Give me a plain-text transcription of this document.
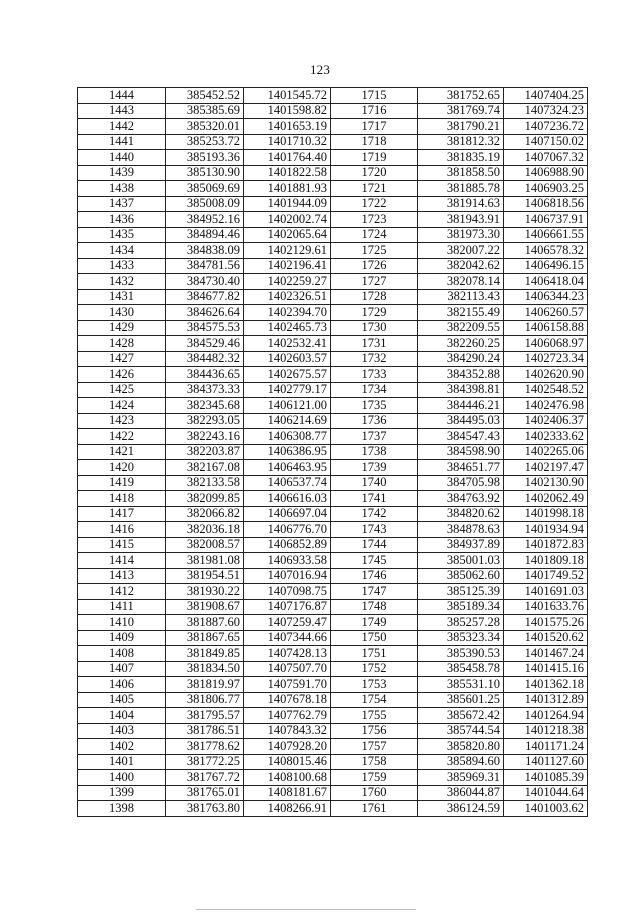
123
1444	385452.52	1401545.72	1715	381752.65	1407404.25
1443	385385.69	1401598.82	1716	381769.74	1407324.23
1442	385320.01	1401653.19	1717	381790.21	1407236.72
1441	385253.72	1401710.32	1718	381812.32	1407150.02
1440	385193.36	1401764.40	1719	381835.19	1407067.32
1439	385130.90	1401822.58	1720	381858.50	1406988.90
1438	385069.69	1401881.93	1721	381885.78	1406903.25
1437	385008.09	1401944.09	1722	381914.63	1406818.56
1436	384952.16	1402002.74	1723	381943.91	1406737.91
1435	384894.46	1402065.64	1724	381973.30	1406661.55
1434	384838.09	1402129.61	1725	382007.22	1406578.32
1433	384781.56	1402196.41	1726	382042.62	1406496.15
1432	384730.40	1402259.27	1727	382078.14	1406418.04
1431	384677.82	1402326.51	1728	382113.43	1406344.23
1430	384626.64	1402394.70	1729	382155.49	1406260.57
1429	384575.53	1402465.73	1730	382209.55	1406158.88
1428	384529.46	1402532.41	1731	382260.25	1406068.97
1427	384482.32	1402603.57	1732	384290.24	1402723.34
1426	384436.65	1402675.57	1733	384352.88	1402620.90
1425	384373.33	1402779.17	1734	384398.81	1402548.52
1424	382345.68	1406121.00	1735	384446.21	1402476.98
1423	382293.05	1406214.69	1736	384495.03	1402406.37
1422	382243.16	1406308.77	1737	384547.43	1402333.62
1421	382203.87	1406386.95	1738	384598.90	1402265.06
1420	382167.08	1406463.95	1739	384651.77	1402197.47
1419	382133.58	1406537.74	1740	384705.98	1402130.90
1418	382099.85	1406616.03	1741	384763.92	1402062.49
1417	382066.82	1406697.04	1742	384820.62	1401998.18
1416	382036.18	1406776.70	1743	384878.63	1401934.94
1415	382008.57	1406852.89	1744	384937.89	1401872.83
1414	381981.08	1406933.58	1745	385001.03	1401809.18
1413	381954.51	1407016.94	1746	385062.60	1401749.52
1412	381930.22	1407098.75	1747	385125.39	1401691.03
1411	381908.67	1407176.87	1748	385189.34	1401633.76
1410	381887.60	1407259.47	1749	385257.28	1401575.26
1409	381867.65	1407344.66	1750	385323.34	1401520.62
1408	381849.85	1407428.13	1751	385390.53	1401467.24
1407	381834.50	1407507.70	1752	385458.78	1401415.16
1406	381819.97	1407591.70	1753	385531.10	1401362.18
1405	381806.77	1407678.18	1754	385601.25	1401312.89
1404	381795.57	1407762.79	1755	385672.42	1401264.94
1403	381786.51	1407843.32	1756	385744.54	1401218.38
1402	381778.62	1407928.20	1757	385820.80	1401171.24
1401	381772.25	1408015.46	1758	385894.60	1401127.60
1400	381767.72	1408100.68	1759	385969.31	1401085.39
1399	381765.01	1408181.67	1760	386044.87	1401044.64
1398	381763.80	1408266.91	1761	386124.59	1401003.62
